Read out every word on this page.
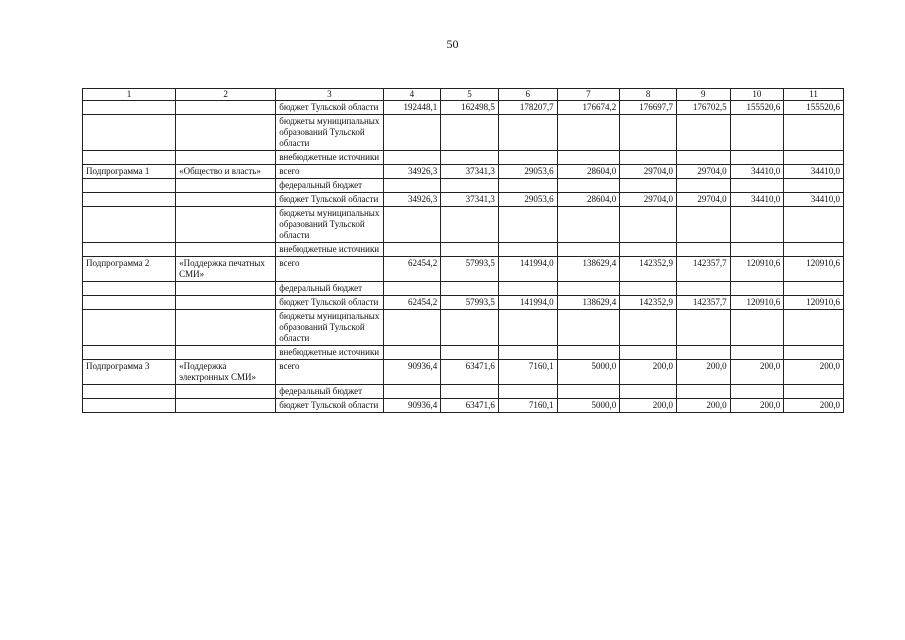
50
1	2	3	4	5	6	7	8	9	10	11
		бюджет Тульской области	192448,1	162498,5	178207,7	176674,2	176697,7	176702,5	155520,6	155520,6
		бюджеты муниципальных образований Тульской области								
		внебюджетные источники								
Подпрограмма 1	«Общество и власть»	всего	34926,3	37341,3	29053,6	28604,0	29704,0	29704,0	34410,0	34410,0
		федеральный бюджет								
		бюджет Тульской области	34926,3	37341,3	29053,6	28604,0	29704,0	29704,0	34410,0	34410,0
		бюджеты муниципальных образований Тульской области								
		внебюджетные источники								
Подпрограмма 2	«Поддержка печатных СМИ»	всего	62454,2	57993,5	141994,0	138629,4	142352,9	142357,7	120910,6	120910,6
		федеральный бюджет								
		бюджет Тульской области	62454,2	57993,5	141994,0	138629,4	142352,9	142357,7	120910,6	120910,6
		бюджеты муниципальных образований Тульской области								
		внебюджетные источники								
Подпрограмма 3	«Поддержка электронных СМИ»	всего	90936,4	63471,6	7160,1	5000,0	200,0	200,0	200,0	200,0
		федеральный бюджет								
		бюджет Тульской области	90936,4	63471,6	7160,1	5000,0	200,0	200,0	200,0	200,0
